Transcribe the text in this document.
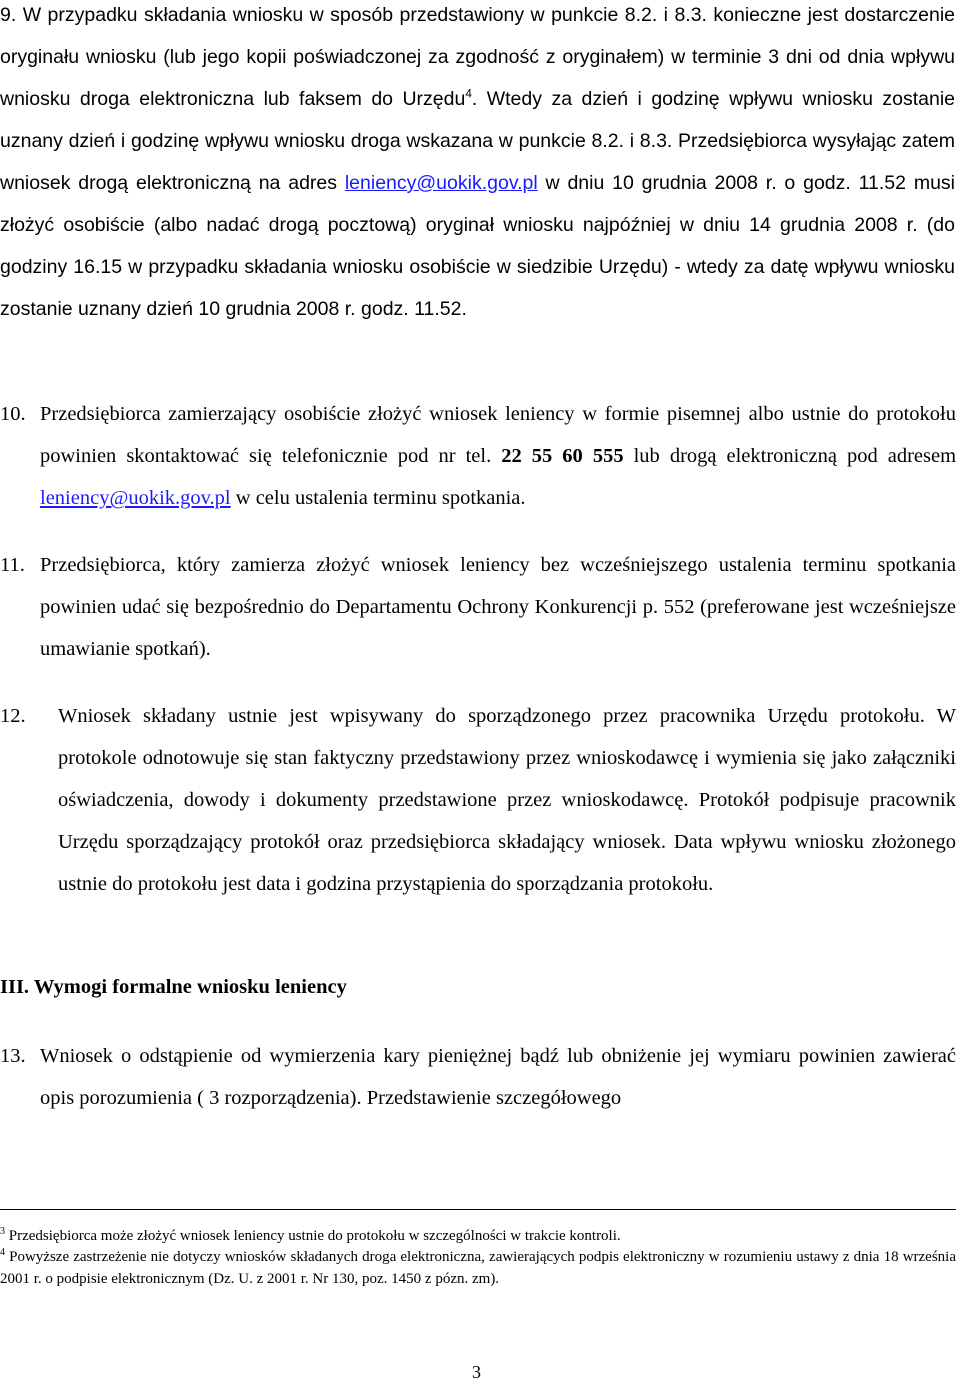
9. W przypadku składania wniosku w sposób przedstawiony w punkcie 8.2. i 8.3. konieczne jest dostarczenie oryginału wniosku (lub jego kopii poświadczonej za zgodność z oryginałem) w terminie 3 dni od dnia wpływu wniosku droga elektroniczna lub faksem do Urzędu$^4$. Wtedy za dzień i godzinę wpływu wniosku zostanie uznany dzień i godzinę wpływu wniosku droga wskazana w punkcie 8.2. i 8.3. Przedsiębiorca wysyłając zatem wniosek drogą elektroniczną na adres leniency@uokik.gov.pl w dniu 10 grudnia 2008 r. o godz. 11.52 musi złożyć osobiście (albo nadać drogą pocztową) oryginał wniosku najpóźniej w dniu 14 grudnia 2008 r. (do godziny 16.15 w przypadku składania wniosku osobiście w siedzibie Urzędu) - wtedy za datę wpływu wniosku zostanie uznany dzień 10 grudnia 2008 r. godz. 11.52.
10. Przedsiębiorca zamierzający osobiście złożyć wniosek leniency w formie pisemnej albo ustnie do protokołu powinien skontaktować się telefonicznie pod nr tel. 22 55 60 555 lub drogą elektroniczną pod adresem leniency@uokik.gov.pl w celu ustalenia terminu spotkania.
11. Przedsiębiorca, który zamierza złożyć wniosek leniency bez wcześniejszego ustalenia terminu spotkania powinien udać się bezpośrednio do Departamentu Ochrony Konkurencji p. 552 (preferowane jest wcześniejsze umawianie spotkań).
12. Wniosek składany ustnie jest wpisywany do sporządzonego przez pracownika Urzędu protokołu. W protokole odnotowuje się stan faktyczny przedstawiony przez wnioskodawcę i wymienia się jako załączniki oświadczenia, dowody i dokumenty przedstawione przez wnioskodawcę. Protokół podpisuje pracownik Urzędu sporządzający protokół oraz przedsiębiorca składający wniosek. Data wpływu wniosku złożonego ustnie do protokołu jest data i godzina przystąpienia do sporządzania protokołu.
III. Wymogi formalne wniosku leniency
13. Wniosek o odstąpienie od wymierzenia kary pieniężnej bądź lub obniżenie jej wymiaru powinien zawierać opis porozumienia ( 3 rozporządzenia). Przedstawienie szczegółowego
$^3$ Przedsiębiorca może złożyć wniosek leniency ustnie do protokołu w szczególności w trakcie kontroli.
$^4$ Powyższe zastrzeżenie nie dotyczy wniosków składanych droga elektroniczna, zawierających podpis elektroniczny w rozumieniu ustawy z dnia 18 września 2001 r. o podpisie elektronicznym (Dz. U. z 2001 r. Nr 130, poz. 1450 z pózn. zm).
3
